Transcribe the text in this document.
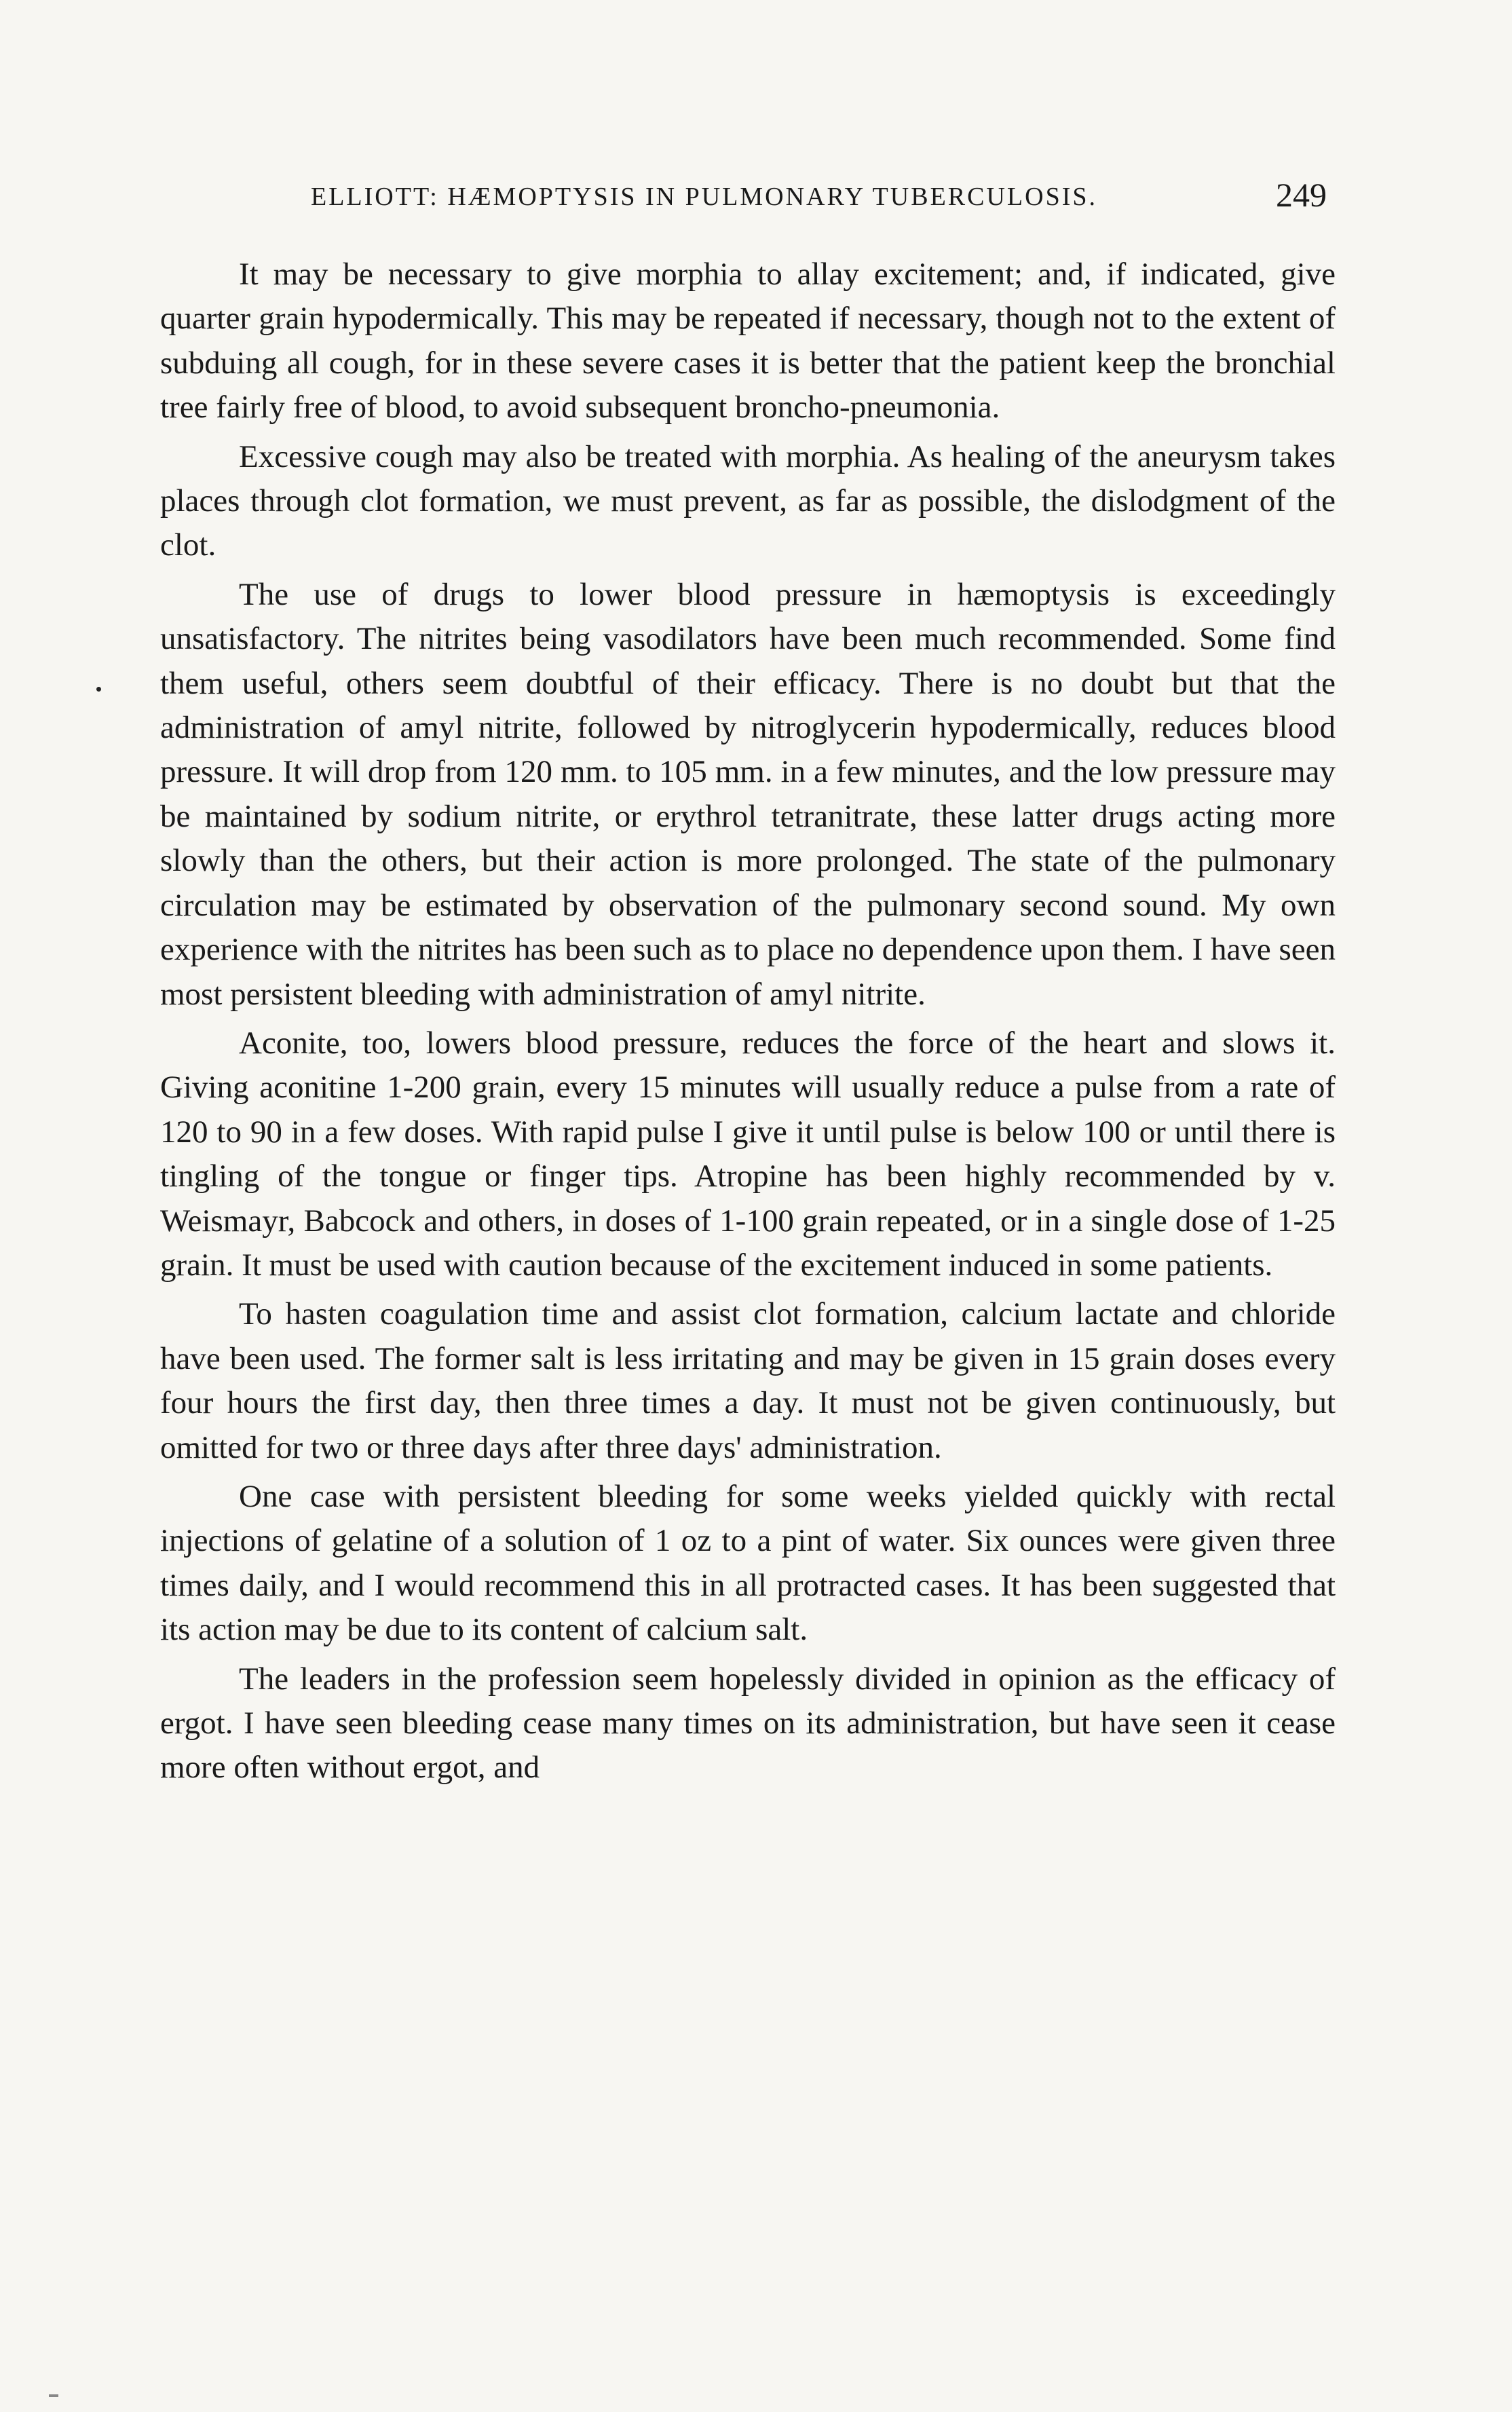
ELLIOTT: HÆMOPTYSIS IN PULMONARY TUBERCULOSIS.	249

It may be necessary to give morphia to allay excitement; and, if indicated, give quarter grain hypodermically. This may be repeated if necessary, though not to the extent of subduing all cough, for in these severe cases it is better that the patient keep the bronchial tree fairly free of blood, to avoid subsequent broncho-pneumonia.

Excessive cough may also be treated with morphia. As healing of the aneurysm takes places through clot formation, we must prevent, as far as possible, the dislodgment of the clot.

The use of drugs to lower blood pressure in hæmoptysis is exceedingly unsatisfactory. The nitrites being vasodilators have been much recommended. Some find them useful, others seem doubtful of their efficacy. There is no doubt but that the administration of amyl nitrite, followed by nitroglycerin hypodermically, reduces blood pressure. It will drop from 120 mm. to 105 mm. in a few minutes, and the low pressure may be maintained by sodium nitrite, or erythrol tetranitrate, these latter drugs acting more slowly than the others, but their action is more prolonged. The state of the pulmonary circulation may be estimated by observation of the pulmonary second sound. My own experience with the nitrites has been such as to place no dependence upon them. I have seen most persistent bleeding with administration of amyl nitrite.

Aconite, too, lowers blood pressure, reduces the force of the heart and slows it. Giving aconitine 1-200 grain, every 15 minutes will usually reduce a pulse from a rate of 120 to 90 in a few doses. With rapid pulse I give it until pulse is below 100 or until there is tingling of the tongue or finger tips. Atropine has been highly recommended by v. Weismayr, Babcock and others, in doses of 1-100 grain repeated, or in a single dose of 1-25 grain. It must be used with caution because of the excitement induced in some patients.

To hasten coagulation time and assist clot formation, calcium lactate and chloride have been used. The former salt is less irritating and may be given in 15 grain doses every four hours the first day, then three times a day. It must not be given continuously, but omitted for two or three days after three days' administration.

One case with persistent bleeding for some weeks yielded quickly with rectal injections of gelatine of a solution of 1 oz to a pint of water. Six ounces were given three times daily, and I would recommend this in all protracted cases. It has been suggested that its action may be due to its content of calcium salt.

The leaders in the profession seem hopelessly divided in opinion as the efficacy of ergot. I have seen bleeding cease many times on its administration, but have seen it cease more often without ergot, and
